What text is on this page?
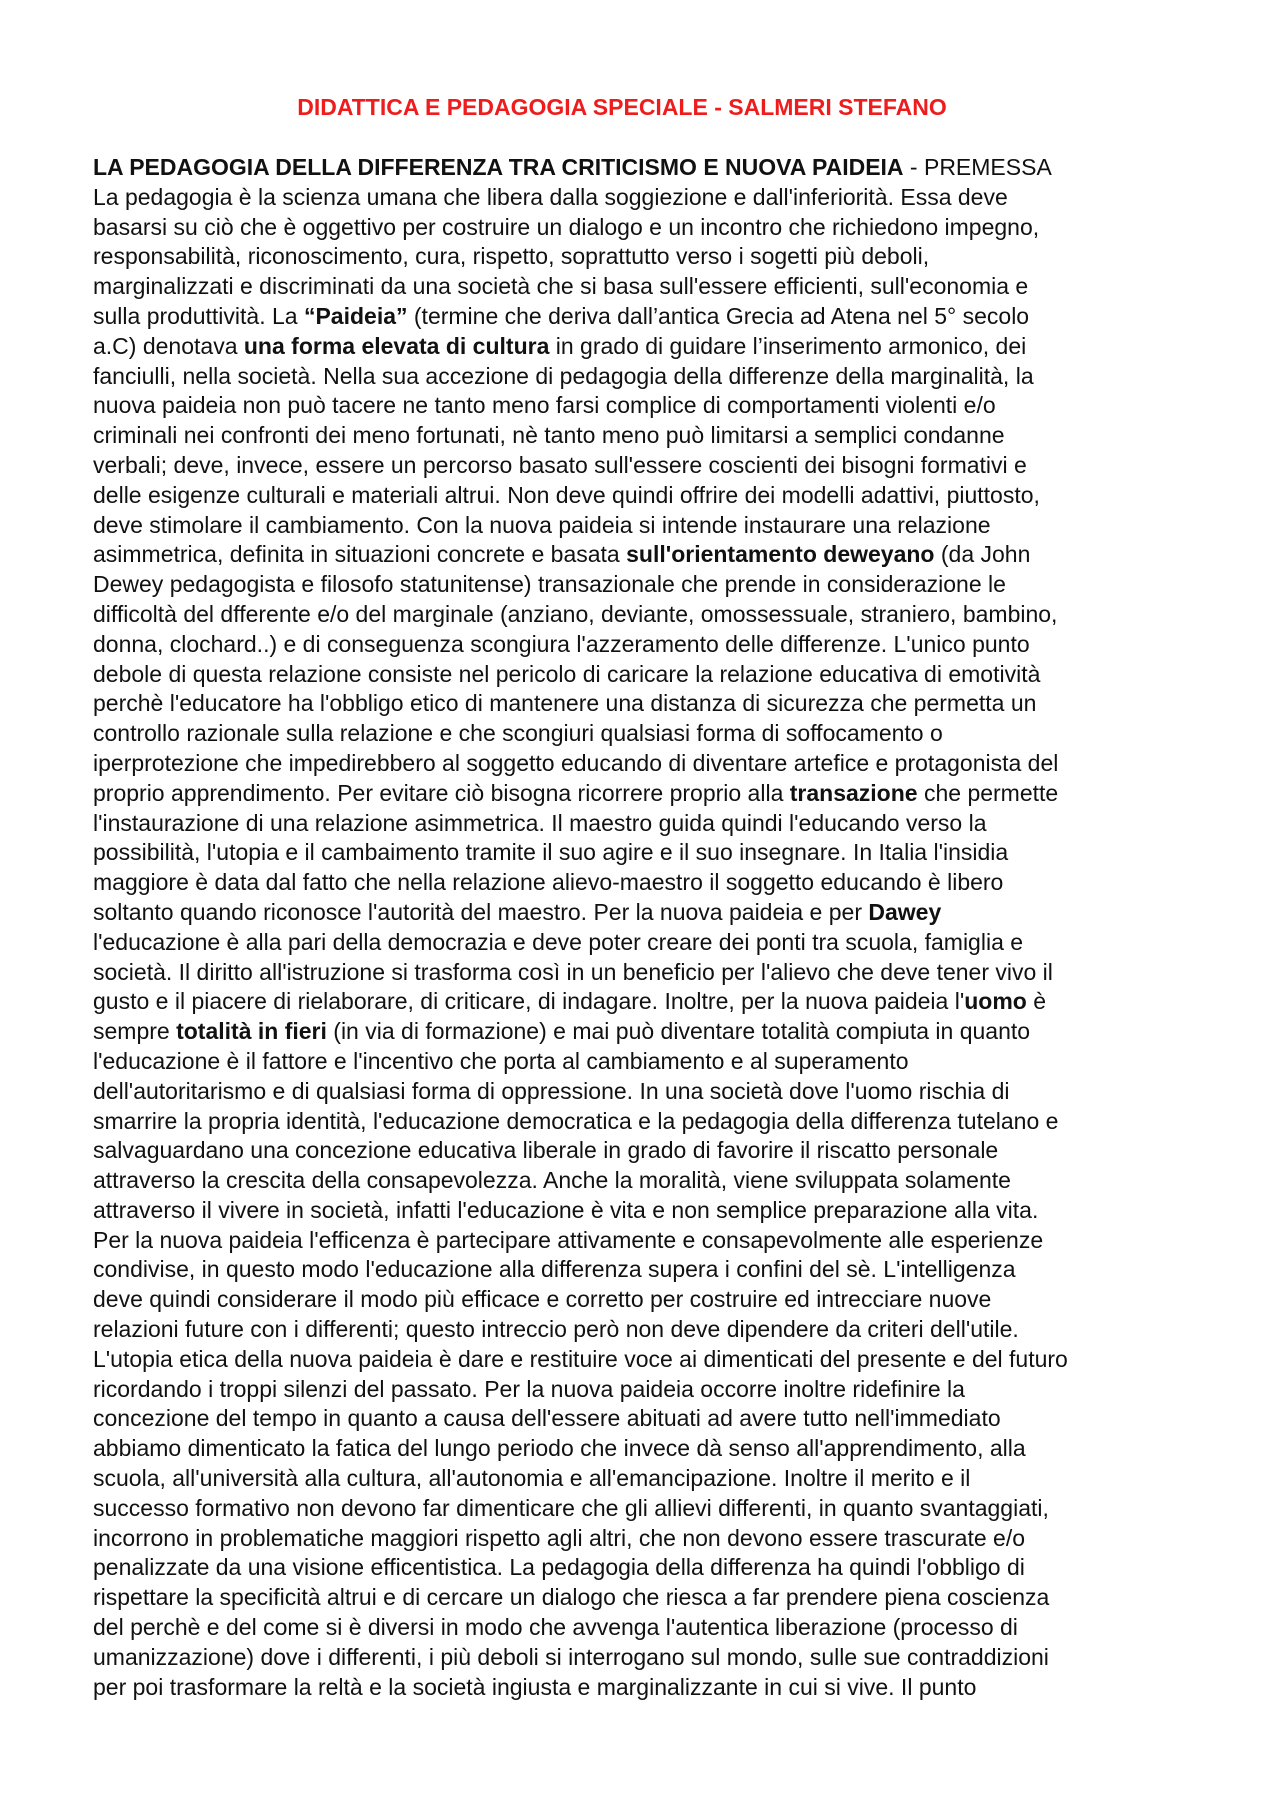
DIDATTICA E PEDAGOGIA SPECIALE - SALMERI STEFANO
LA PEDAGOGIA DELLA DIFFERENZA TRA CRITICISMO E NUOVA PAIDEIA - PREMESSA
La pedagogia è la scienza umana che libera dalla soggiezione e dall'inferiorità. Essa deve
basarsi su ciò che è oggettivo per costruire un dialogo e un incontro che richiedono impegno,
responsabilità, riconoscimento, cura, rispetto, soprattutto verso i sogetti più deboli,
marginalizzati e discriminati da una società che si basa sull'essere efficienti, sull'economia e
sulla produttività. La “Paideia” (termine che deriva dall’antica Grecia ad Atena nel 5° secolo
a.C) denotava una forma elevata di cultura in grado di guidare l’inserimento armonico, dei
fanciulli, nella società. Nella sua accezione di pedagogia della differenze della marginalità, la
nuova paideia non può tacere ne tanto meno farsi complice di comportamenti violenti e/o
criminali nei confronti dei meno fortunati, nè tanto meno può limitarsi a semplici condanne
verbali; deve, invece, essere un percorso basato sull'essere coscienti dei bisogni formativi e
delle esigenze culturali e materiali altrui. Non deve quindi offrire dei modelli adattivi, piuttosto,
deve stimolare il cambiamento. Con la nuova paideia si intende instaurare una relazione
asimmetrica, definita in situazioni concrete e basata sull'orientamento deweyano (da John
Dewey pedagogista e filosofo statunitense) transazionale che prende in considerazione le
difficoltà del dfferente e/o del marginale (anziano, deviante, omossessuale, straniero, bambino,
donna, clochard..) e di conseguenza scongiura l'azzeramento delle differenze. L'unico punto
debole di questa relazione consiste nel pericolo di caricare la relazione educativa di emotività
perchè l'educatore ha l'obbligo etico di mantenere una distanza di sicurezza che permetta un
controllo razionale sulla relazione e che scongiuri qualsiasi forma di soffocamento o
iperprotezione che impedirebbero al soggetto educando di diventare artefice e protagonista del
proprio apprendimento. Per evitare ciò bisogna ricorrere proprio alla transazione che permette
l'instaurazione di una relazione asimmetrica. Il maestro guida quindi l'educando verso la
possibilità, l'utopia e il cambaimento tramite il suo agire e il suo insegnare. In Italia l'insidia
maggiore è data dal fatto che nella relazione alievo-maestro il soggetto educando è libero
soltanto quando riconosce l'autorità del maestro. Per la nuova paideia e per Dawey
l'educazione è alla pari della democrazia e deve poter creare dei ponti tra scuola, famiglia e
società. Il diritto all'istruzione si trasforma così in un beneficio per l'alievo che deve tener vivo il
gusto e il piacere di rielaborare, di criticare, di indagare. Inoltre, per la nuova paideia l'uomo è
sempre totalità in fieri (in via di formazione) e mai può diventare totalità compiuta in quanto
l'educazione è il fattore e l'incentivo che porta al cambiamento e al superamento
dell'autoritarismo e di qualsiasi forma di oppressione. In una società dove l'uomo rischia di
smarrire la propria identità, l'educazione democratica e la pedagogia della differenza tutelano e
salvaguardano una concezione educativa liberale in grado di favorire il riscatto personale
attraverso la crescita della consapevolezza. Anche la moralità, viene sviluppata solamente
attraverso il vivere in società, infatti l'educazione è vita e non semplice preparazione alla vita.
Per la nuova paideia l'efficenza è partecipare attivamente e consapevolmente alle esperienze
condivise, in questo modo l'educazione alla differenza supera i confini del sè. L'intelligenza
deve quindi considerare il modo più efficace e corretto per costruire ed intrecciare nuove
relazioni future con i differenti; questo intreccio però non deve dipendere da criteri dell'utile.
L'utopia etica della nuova paideia è dare e restituire voce ai dimenticati del presente e del futuro
ricordando i troppi silenzi del passato. Per la nuova paideia occorre inoltre ridefinire la
concezione del tempo in quanto a causa dell'essere abituati ad avere tutto nell'immediato
abbiamo dimenticato la fatica del lungo periodo che invece dà senso all'apprendimento, alla
scuola, all'università alla cultura, all'autonomia e all'emancipazione. Inoltre il merito e il
successo formativo non devono far dimenticare che gli allievi differenti, in quanto svantaggiati,
incorrono in problematiche maggiori rispetto agli altri, che non devono essere trascurate e/o
penalizzate da una visione efficentistica. La pedagogia della differenza ha quindi l'obbligo di
rispettare la specificità altrui e di cercare un dialogo che riesca a far prendere piena coscienza
del perchè e del come si è diversi in modo che avvenga l'autentica liberazione (processo di
umanizzazione) dove i differenti, i più deboli si interrogano sul mondo, sulle sue contraddizioni
per poi trasformare la reltà e la società ingiusta e marginalizzante in cui si vive. Il punto
